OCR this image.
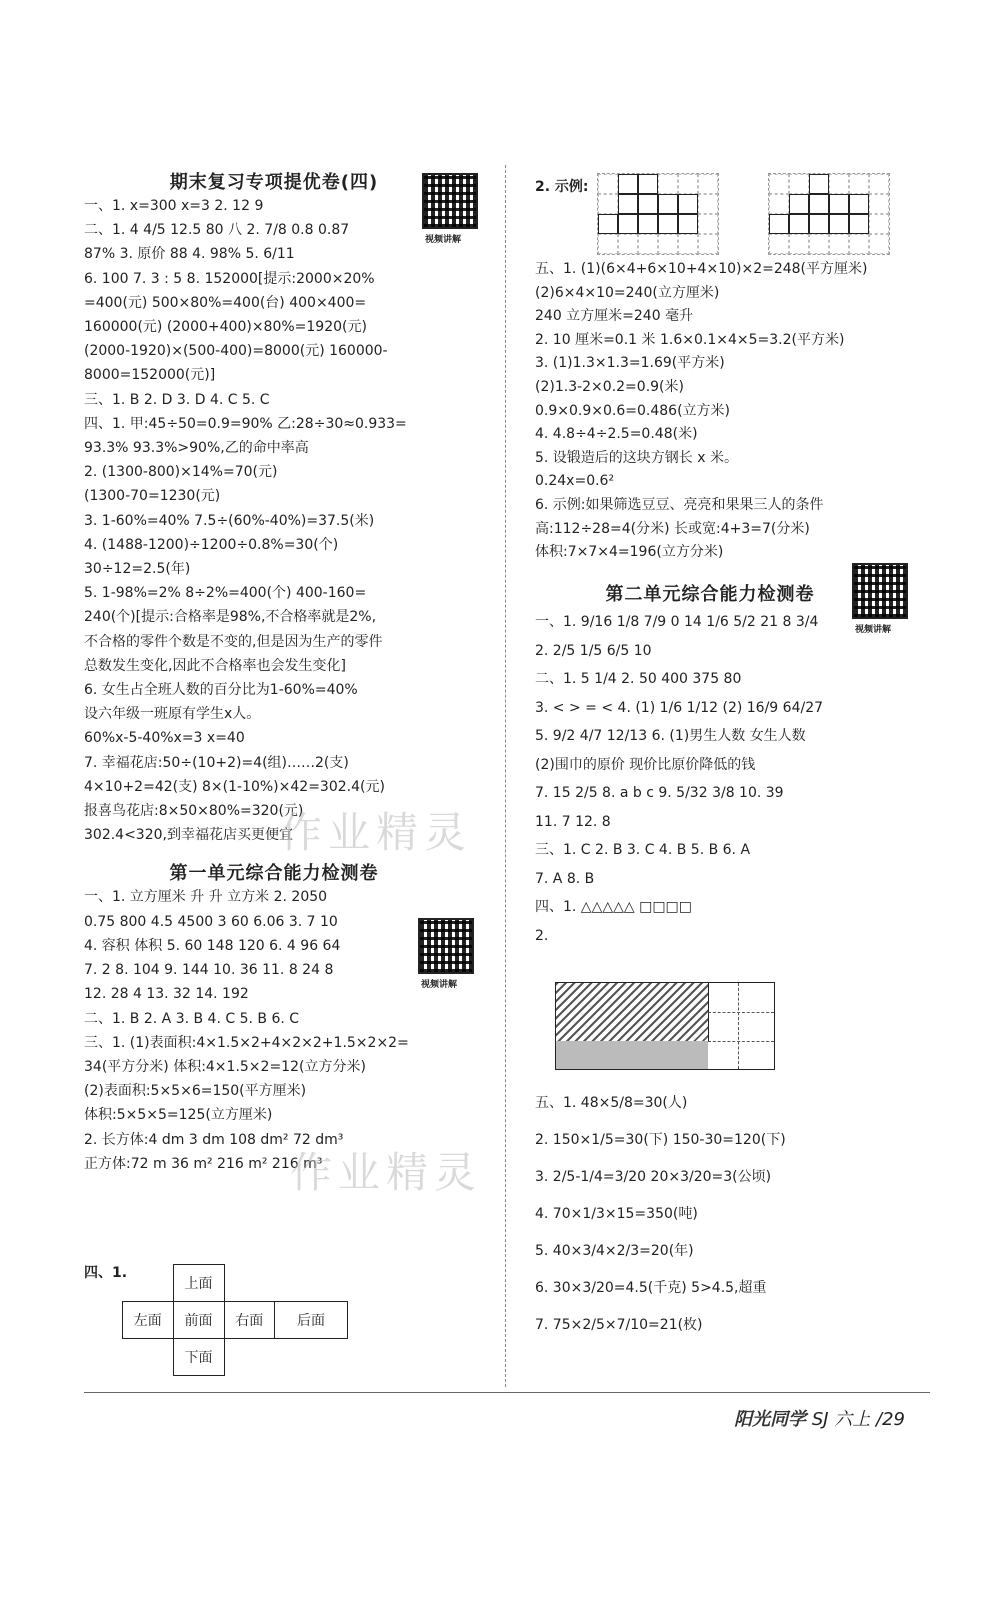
期末复习专项提优卷(四)
一、1. x=300 x=3 2. 12 9
二、1. 4 4/5 12.5 80 八 2. 7/8 0.8 0.87
87% 3. 原价 88 4. 98% 5. 6/11
6. 100 7. 3 : 5 8. 152000[提示:2000×20%
=400(元) 500×80%=400(台) 400×400=
160000(元) (2000+400)×80%=1920(元)
(2000-1920)×(500-400)=8000(元) 160000-
8000=152000(元)]
三、1. B 2. D 3. D 4. C 5. C
四、1. 甲:45÷50=0.9=90% 乙:28÷30≈0.933=
93.3% 93.3%>90%,乙的命中率高
2. (1300-800)×14%=70(元)
(1300-70=1230(元)
3. 1-60%=40% 7.5÷(60%-40%)=37.5(米)
4. (1488-1200)÷1200÷0.8%=30(个)
30÷12=2.5(年)
5. 1-98%=2% 8÷2%=400(个) 400-160=
240(个)[提示:合格率是98%,不合格率就是2%,
不合格的零件个数是不变的,但是因为生产的零件
总数发生变化,因此不合格率也会发生变化]
6. 女生占全班人数的百分比为1-60%=40%
设六年级一班原有学生x人。
60%x-5-40%x=3 x=40
7. 幸福花店:50÷(10+2)=4(组)……2(支)
4×10+2=42(支) 8×(1-10%)×42=302.4(元)
报喜鸟花店:8×50×80%=320(元)
302.4<320,到幸福花店买更便宜
第一单元综合能力检测卷
一、1. 立方厘米 升 升 立方米 2. 2050
0.75 800 4.5 4500 3 60 6.06 3. 7 10
4. 容积 体积 5. 60 148 120 6. 4 96 64
7. 2 8. 104 9. 144 10. 36 11. 8 24 8
12. 28 4 13. 32 14. 192
二、1. B 2. A 3. B 4. C 5. B 6. C
三、1. (1)表面积:4×1.5×2+4×2×2+1.5×2×2=
34(平方分米) 体积:4×1.5×2=12(立方分米)
(2)表面积:5×5×6=150(平方厘米)
体积:5×5×5=125(立方厘米)
2. 长方体:4 dm 3 dm 108 dm² 72 dm³
正方体:72 m 36 m² 216 m² 216 m³
视频讲解
视频讲解
四、1.
	上面		
左面	前面	右面	后面
	下面		
2. 示例:
五、1. (1)(6×4+6×10+4×10)×2=248(平方厘米)
(2)6×4×10=240(立方厘米)
240 立方厘米=240 毫升
2. 10 厘米=0.1 米 1.6×0.1×4×5=3.2(平方米)
3. (1)1.3×1.3=1.69(平方米)
(2)1.3-2×0.2=0.9(米)
0.9×0.9×0.6=0.486(立方米)
4. 4.8÷4÷2.5=0.48(米)
5. 设锻造后的这块方钢长 x 米。
0.24x=0.6²
6. 示例:如果筛选豆豆、亮亮和果果三人的条件
高:112÷28=4(分米) 长或宽:4+3=7(分米)
体积:7×7×4=196(立方分米)
第二单元综合能力检测卷
视频讲解
一、1. 9/16 1/8 7/9 0 14 1/6 5/2 21 8 3/4
2. 2/5 1/5 6/5 10
二、1. 5 1/4 2. 50 400 375 80
3. < > = < 4. (1) 1/6 1/12 (2) 16/9 64/27
5. 9/2 4/7 12/13 6. (1)男生人数 女生人数
(2)围巾的原价 现价比原价降低的钱
7. 15 2/5 8. a b c 9. 5/32 3/8 10. 39
11. 7 12. 8
三、1. C 2. B 3. C 4. B 5. B 6. A
7. A 8. B
四、1. △△△△△ □□□□
2.
五、1. 48×5/8=30(人)
2. 150×1/5=30(下) 150-30=120(下)
3. 2/5-1/4=3/20 20×3/20=3(公顷)
4. 70×1/3×15=350(吨)
5. 40×3/4×2/3=20(年)
6. 30×3/20=4.5(千克) 5>4.5,超重
7. 75×2/5×7/10=21(枚)
作业精灵
作业精灵
阳光同学 SJ 六上 /29
